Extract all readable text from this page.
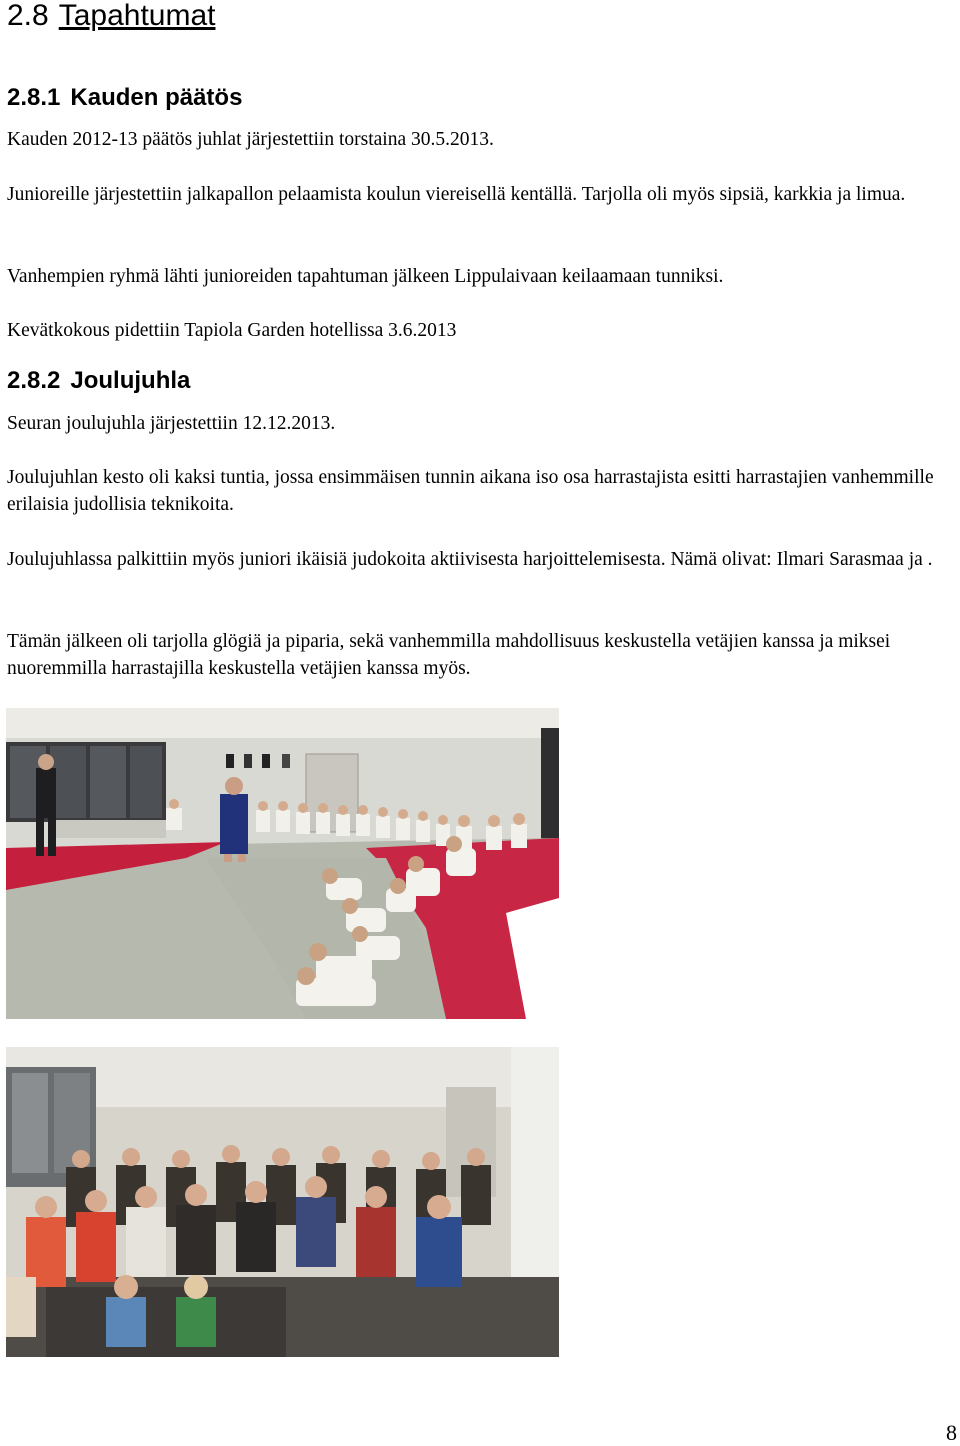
2.8 Tapahtumat
2.8.1 Kauden päätös

Kauden 2012-13 päätös juhlat järjestettiin torstaina 30.5.2013.

Junioreille järjestettiin jalkapallon pelaamista koulun viereisellä kentällä. Tarjolla oli myös sipsiä, karkkia ja limua.

Vanhempien ryhmä lähti junioreiden tapahtuman jälkeen Lippulaivaan keilaamaan tunniksi.

Kevätkokous pidettiin Tapiola Garden hotellissa 3.6.2013

2.8.2 Joulujuhla

Seuran joulujuhla järjestettiin 12.12.2013.

Joulujuhlan kesto oli kaksi tuntia, jossa ensimmäisen tunnin aikana iso osa harrastajista esitti harrastajien vanhemmille erilaisia judollisia teknikoita.

Joulujuhlassa palkittiin myös juniori ikäisiä judokoita aktiivisesta harjoittelemisesta. Nämä olivat: Ilmari Sarasmaa ja .

Tämän jälkeen oli tarjolla glögiä ja piparia, sekä vanhemmilla mahdollisuus keskustella vetäjien kanssa ja miksei nuoremmilla harrastajilla keskustella vetäjien kanssa myös.

8
